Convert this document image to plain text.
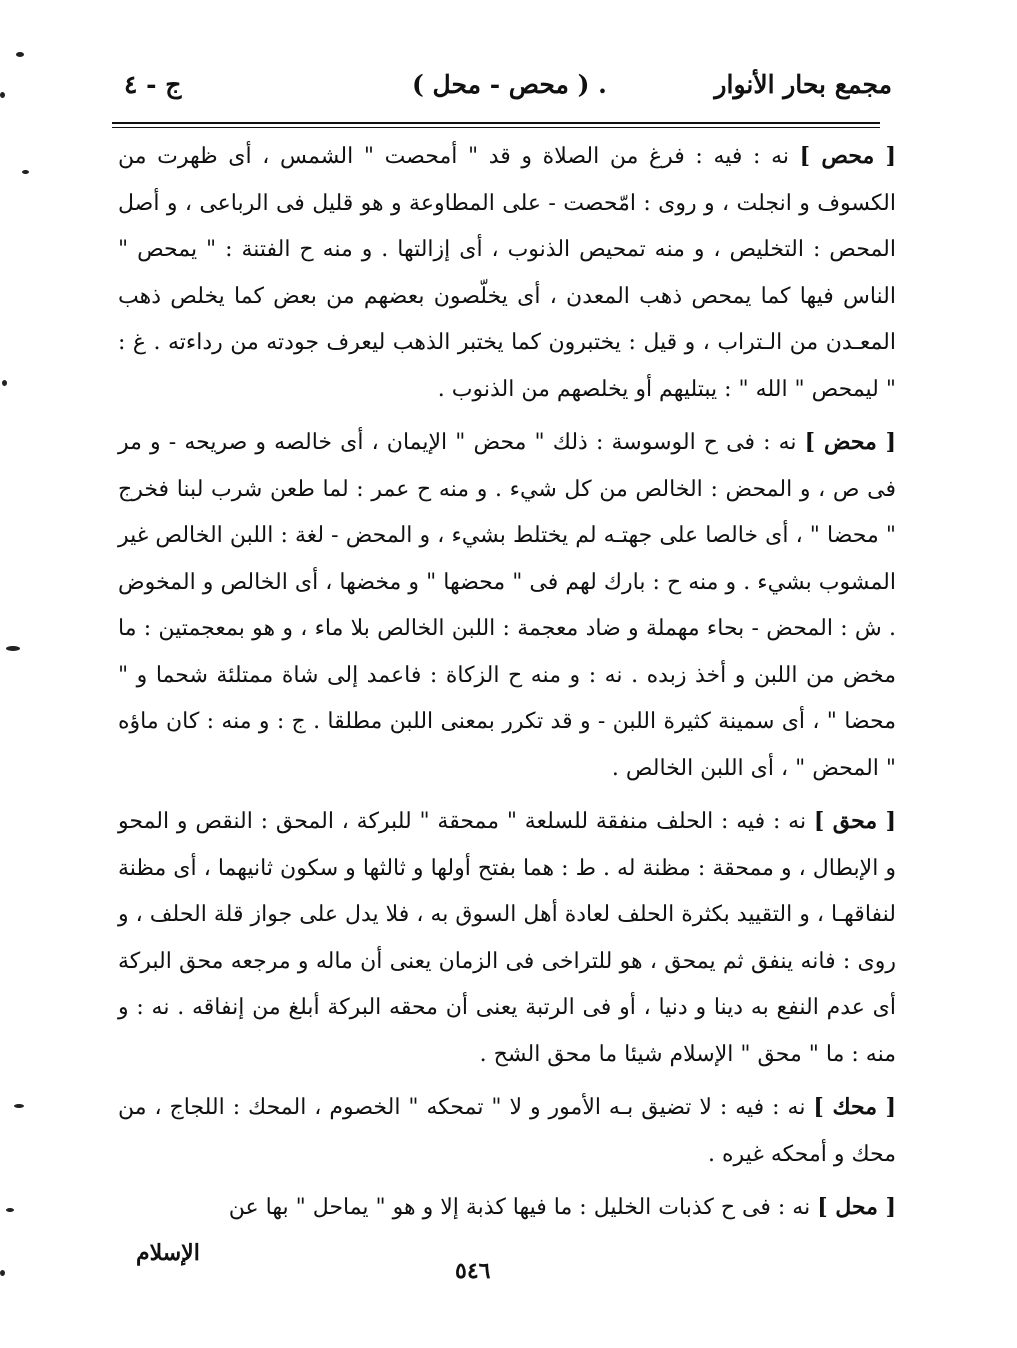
مجمع بحار الأنوار
. ( محص - محل )
ج - ٤

[ محص ] نه : فيه : فرغ من الصلاة و قد " أمحصت " الشمس ، أى ظهرت من الكسوف و انجلت ، و روى : امّحصت - على المطاوعة و هو قليل فى الرباعى ، و أصل المحص : التخليص ، و منه تمحيص الذنوب ، أى إزالتها . و منه ح الفتنة : " يمحص " الناس فيها كما يمحص ذهب المعدن ، أى يخلّصون بعضهم من بعض كما يخلص ذهب المعـدن من الـتراب ، و قيل : يختبرون كما يختبر الذهب ليعرف جودته من رداءته . غ : " ليمحص " الله " : يبتليهم أو يخلصهم من الذنوب .

[ محض ] نه : فى ح الوسوسة : ذلك " محض " الإيمان ، أى خالصه و صريحه - و مر فى ص ، و المحض : الخالص من كل شيء . و منه ح عمر : لما طعن شرب لبنا فخرج " محضا " ، أى خالصا على جهتـه لم يختلط بشيء ، و المحض - لغة : اللبن الخالص غير المشوب بشيء . و منه ح : بارك لهم فى " محضها " و مخضها ، أى الخالص و المخوض . ش : المحض - بحاء مهملة و ضاد معجمة : اللبن الخالص بلا ماء ، و هو بمعجمتين : ما مخض من اللبن و أخذ زبده . نه : و منه ح الزكاة : فاعمد إلى شاة ممتلئة شحما و " محضا " ، أى سمينة كثيرة اللبن - و قد تكرر بمعنى اللبن مطلقا . ج : و منه : كان ماؤه " المحض " ، أى اللبن الخالص .

[ محق ] نه : فيه : الحلف منفقة للسلعة " ممحقة " للبركة ، المحق : النقص و المحو و الإبطال ، و ممحقة : مظنة له . ط : هما بفتح أولها و ثالثها و سكون ثانيهما ، أى مظنة لنفاقهـا ، و التقييد بكثرة الحلف لعادة أهل السوق به ، فلا يدل على جواز قلة الحلف ، و روى : فانه ينفق ثم يمحق ، هو للتراخى فى الزمان يعنى أن ماله و مرجعه محق البركة أى عدم النفع به دينا و دنيا ، أو فى الرتبة يعنى أن محقه البركة أبلغ من إنفاقه . نه : و منه : ما " محق " الإسلام شيئا ما محق الشح .

[ محك ] نه : فيه : لا تضيق بـه الأمور و لا " تمحكه " الخصوم ، المحك : اللجاج ، من محك و أمحكه غيره .

[ محل ] نه : فى ح كذبات الخليل : ما فيها كذبة إلا و هو " يماحل " بها عن

الإسلام
٥٤٦
